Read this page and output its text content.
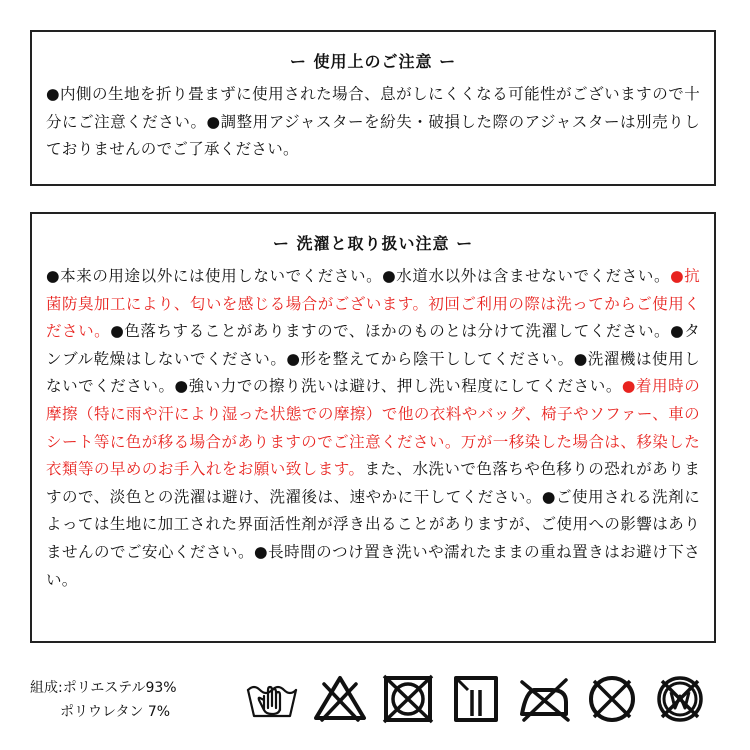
ー 使用上のご注意 ー

●内側の生地を折り畳まずに使用された場合、息がしにくくなる可能性がございますので十分にご注意ください。●調整用アジャスターを紛失・破損した際のアジャスターは別売りしておりませんのでご了承ください。

ー 洗濯と取り扱い注意 ー

●本来の用途以外には使用しないでください。●水道水以外は含ませないでください。●抗菌防臭加工により、匂いを感じる場合がございます。初回ご利用の際は洗ってからご使用ください。●色落ちすることがありますので、ほかのものとは分けて洗濯してください。●タンブル乾燥はしないでください。●形を整えてから陰干ししてください。●洗濯機は使用しないでください。●強い力での擦り洗いは避け、押し洗い程度にしてください。●着用時の摩擦（特に雨や汗により湿った状態での摩擦）で他の衣料やバッグ、椅子やソファー、車のシート等に色が移る場合がありますのでご注意ください。万が一移染した場合は、移染した衣類等の早めのお手入れをお願い致します。また、水洗いで色落ちや色移りの恐れがありますので、淡色との洗濯は避け、洗濯後は、速やかに干してください。●ご使用される洗剤によっては生地に加工された界面活性剤が浮き出ることがありますが、ご使用への影響はありませんのでご安心ください。●長時間のつけ置き洗いや濡れたままの重ね置きはお避け下さい。

組成:ポリエステル93%
ポリウレタン 7%
